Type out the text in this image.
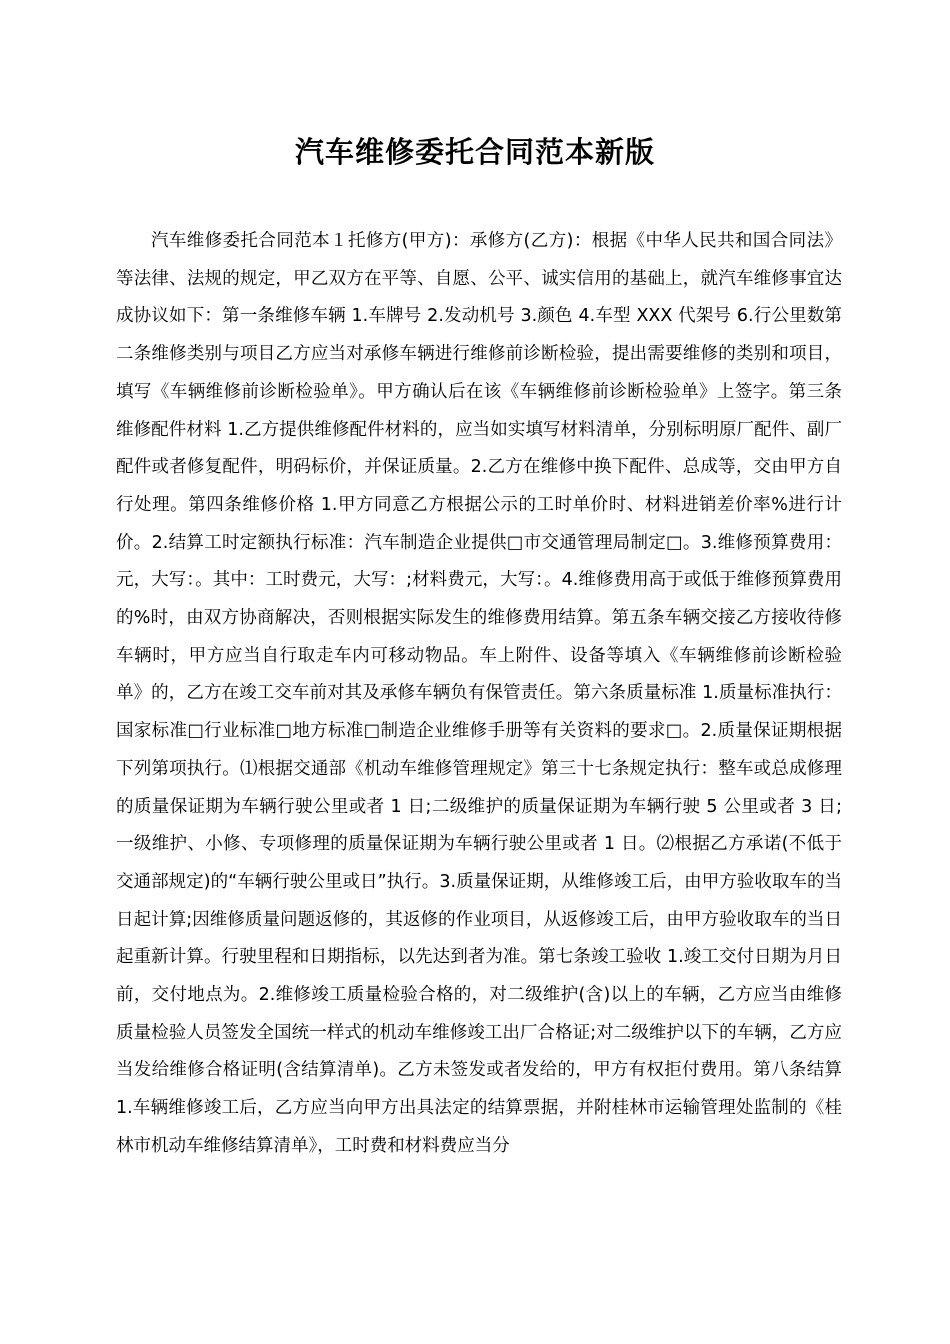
汽车维修委托合同范本新版

汽车维修委托合同范本１托修方(甲方)：承修方(乙方)：根据《中华人民共和国合同法》等法律、法规的规定，甲乙双方在平等、自愿、公平、诚实信用的基础上，就汽车维修事宜达成协议如下：第一条维修车辆 1.车牌号 2.发动机号 3.颜色 4.车型 XXX 代架号 6.行公里数第二条维修类别与项目乙方应当对承修车辆进行维修前诊断检验，提出需要维修的类别和项目，填写《车辆维修前诊断检验单》。甲方确认后在该《车辆维修前诊断检验单》上签字。第三条维修配件材料 1.乙方提供维修配件材料的，应当如实填写材料清单，分别标明原厂配件、副厂配件或者修复配件，明码标价，并保证质量。2.乙方在维修中换下配件、总成等，交由甲方自行处理。第四条维修价格 1.甲方同意乙方根据公示的工时单价时、材料进销差价率%进行计价。2.结算工时定额执行标准：汽车制造企业提供□市交通管理局制定□。3.维修预算费用：元，大写：。其中：工时费元，大写：;材料费元，大写：。4.维修费用高于或低于维修预算费用的%时，由双方协商解决，否则根据实际发生的维修费用结算。第五条车辆交接乙方接收待修车辆时，甲方应当自行取走车内可移动物品。车上附件、设备等填入《车辆维修前诊断检验单》的，乙方在竣工交车前对其及承修车辆负有保管责任。第六条质量标准 1.质量标准执行：国家标准□行业标准□地方标准□制造企业维修手册等有关资料的要求□。2.质量保证期根据下列第项执行。⑴根据交通部《机动车维修管理规定》第三十七条规定执行：整车或总成修理的质量保证期为车辆行驶公里或者 1 日;二级维护的质量保证期为车辆行驶 5 公里或者 3 日;一级维护、小修、专项修理的质量保证期为车辆行驶公里或者 1 日。⑵根据乙方承诺(不低于交通部规定)的“车辆行驶公里或日”执行。3.质量保证期，从维修竣工后，由甲方验收取车的当日起计算;因维修质量问题返修的，其返修的作业项目，从返修竣工后，由甲方验收取车的当日起重新计算。行驶里程和日期指标，以先达到者为准。第七条竣工验收 1.竣工交付日期为月日前，交付地点为。2.维修竣工质量检验合格的，对二级维护(含)以上的车辆，乙方应当由维修质量检验人员签发全国统一样式的机动车维修竣工出厂合格证;对二级维护以下的车辆，乙方应当发给维修合格证明(含结算清单)。乙方未签发或者发给的，甲方有权拒付费用。第八条结算 1.车辆维修竣工后，乙方应当向甲方出具法定的结算票据，并附桂林市运输管理处监制的《桂林市机动车维修结算清单》，工时费和材料费应当分
